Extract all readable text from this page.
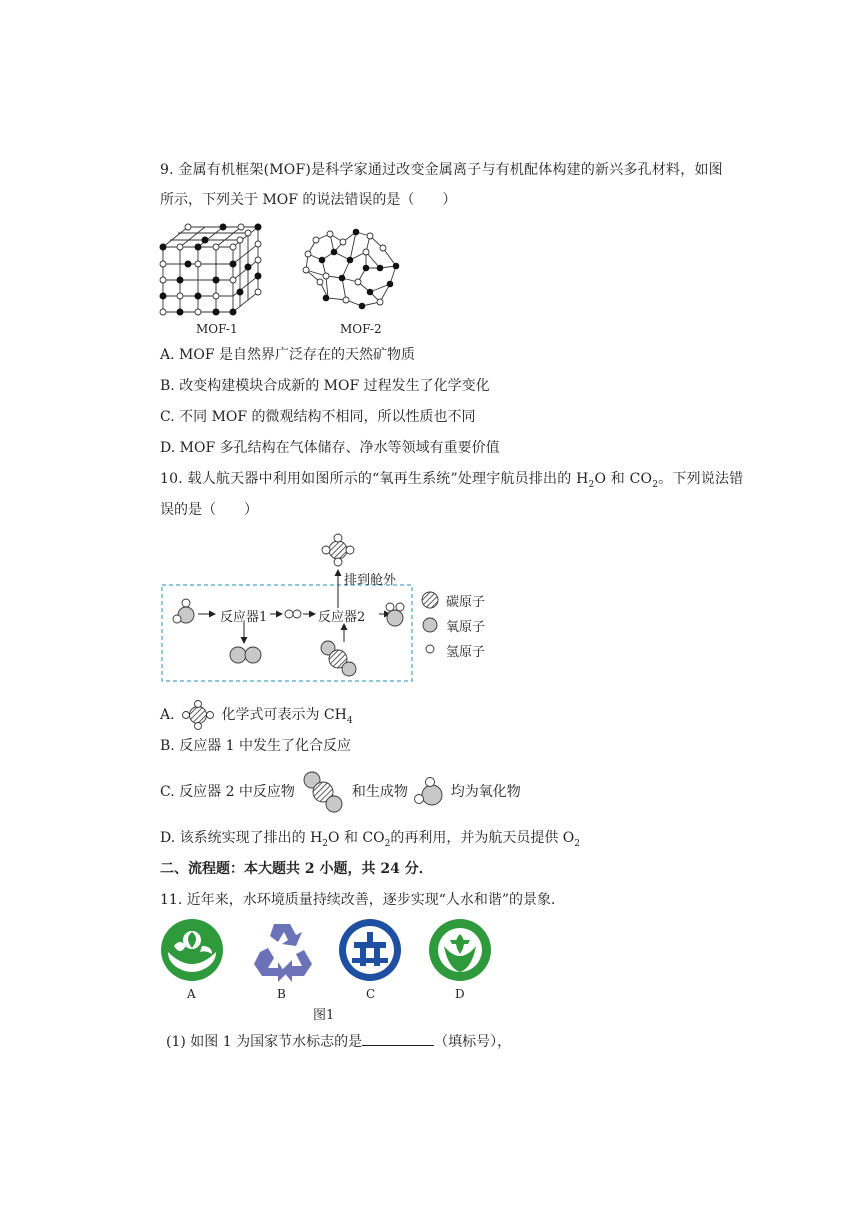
9. 金属有机框架(MOF)是科学家通过改变金属离子与有机配体构建的新兴多孔材料，如图
所示，下列关于 MOF 的说法错误的是（　　）
MOF-1	MOF-2
A. MOF 是自然界广泛存在的天然矿物质
B. 改变构建模块合成新的 MOF 过程发生了化学变化
C. 不同 MOF 的微观结构不相同，所以性质也不同
D. MOF 多孔结构在气体储存、净水等领域有重要价值
10. 载人航天器中利用如图所示的“氧再生系统”处理宇航员排出的 $H_2O$ 和 $CO_2$。下列说法错
误的是（　　）
排到舱外
反应器1	反应器2
碳原子
氧原子
氢原子
A.	化学式可表示为 $CH_4$
B. 反应器 1 中发生了化合反应
C. 反应器 2 中反应物	和生成物	均为氧化物
D. 该系统实现了排出的 $H_2O$ 和 $CO_2$的再利用，并为航天员提供 $O_2$
二、流程题：本大题共 2 小题，共 24 分．
11. 近年来，水环境质量持续改善，逐步实现“人水和谐”的景象．
A	B	C	D
图1
(1) 如图 1 为国家节水标志的是	（填标号），
